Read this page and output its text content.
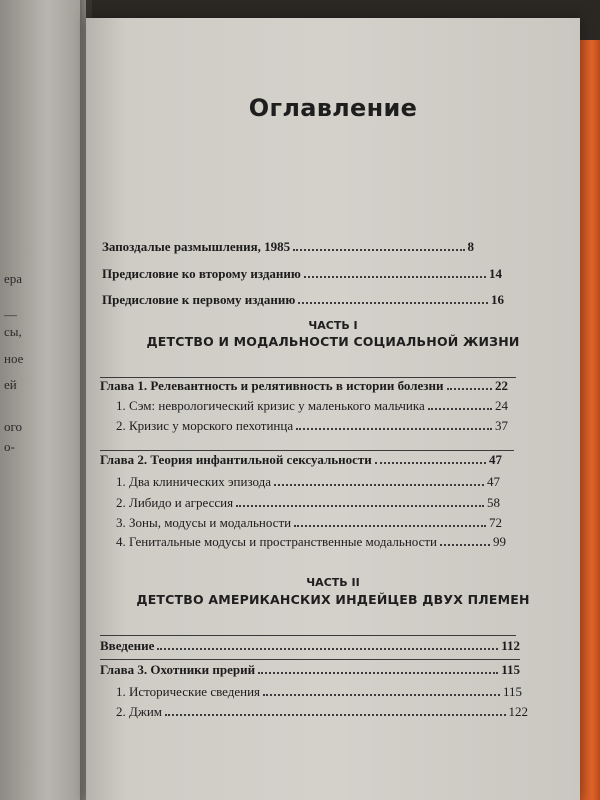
ера
—
сы,
ное
ей
ого
о-
Оглавление
Запоздалые размышления, 1985	8
Предисловие ко второму изданию	14
Предисловие к первому изданию	16
ЧАСТЬ I
ДЕТСТВО И МОДАЛЬНОСТИ СОЦИАЛЬНОЙ ЖИЗНИ
Глава 1. Релевантность и релятивность в истории болезни	22
1. Сэм: неврологический кризис у маленького мальчика	24
2. Кризис у морского пехотинца	37
Глава 2. Теория инфантильной сексуальности	47
1. Два клинических эпизода	47
2. Либидо и агрессия	58
3. Зоны, модусы и модальности	72
4. Генитальные модусы и пространственные модальности	99
ЧАСТЬ II
ДЕТСТВО АМЕРИКАНСКИХ ИНДЕЙЦЕВ ДВУХ ПЛЕМЕН
Введение	112
Глава 3. Охотники прерий	115
1. Исторические сведения	115
2. Джим	122
